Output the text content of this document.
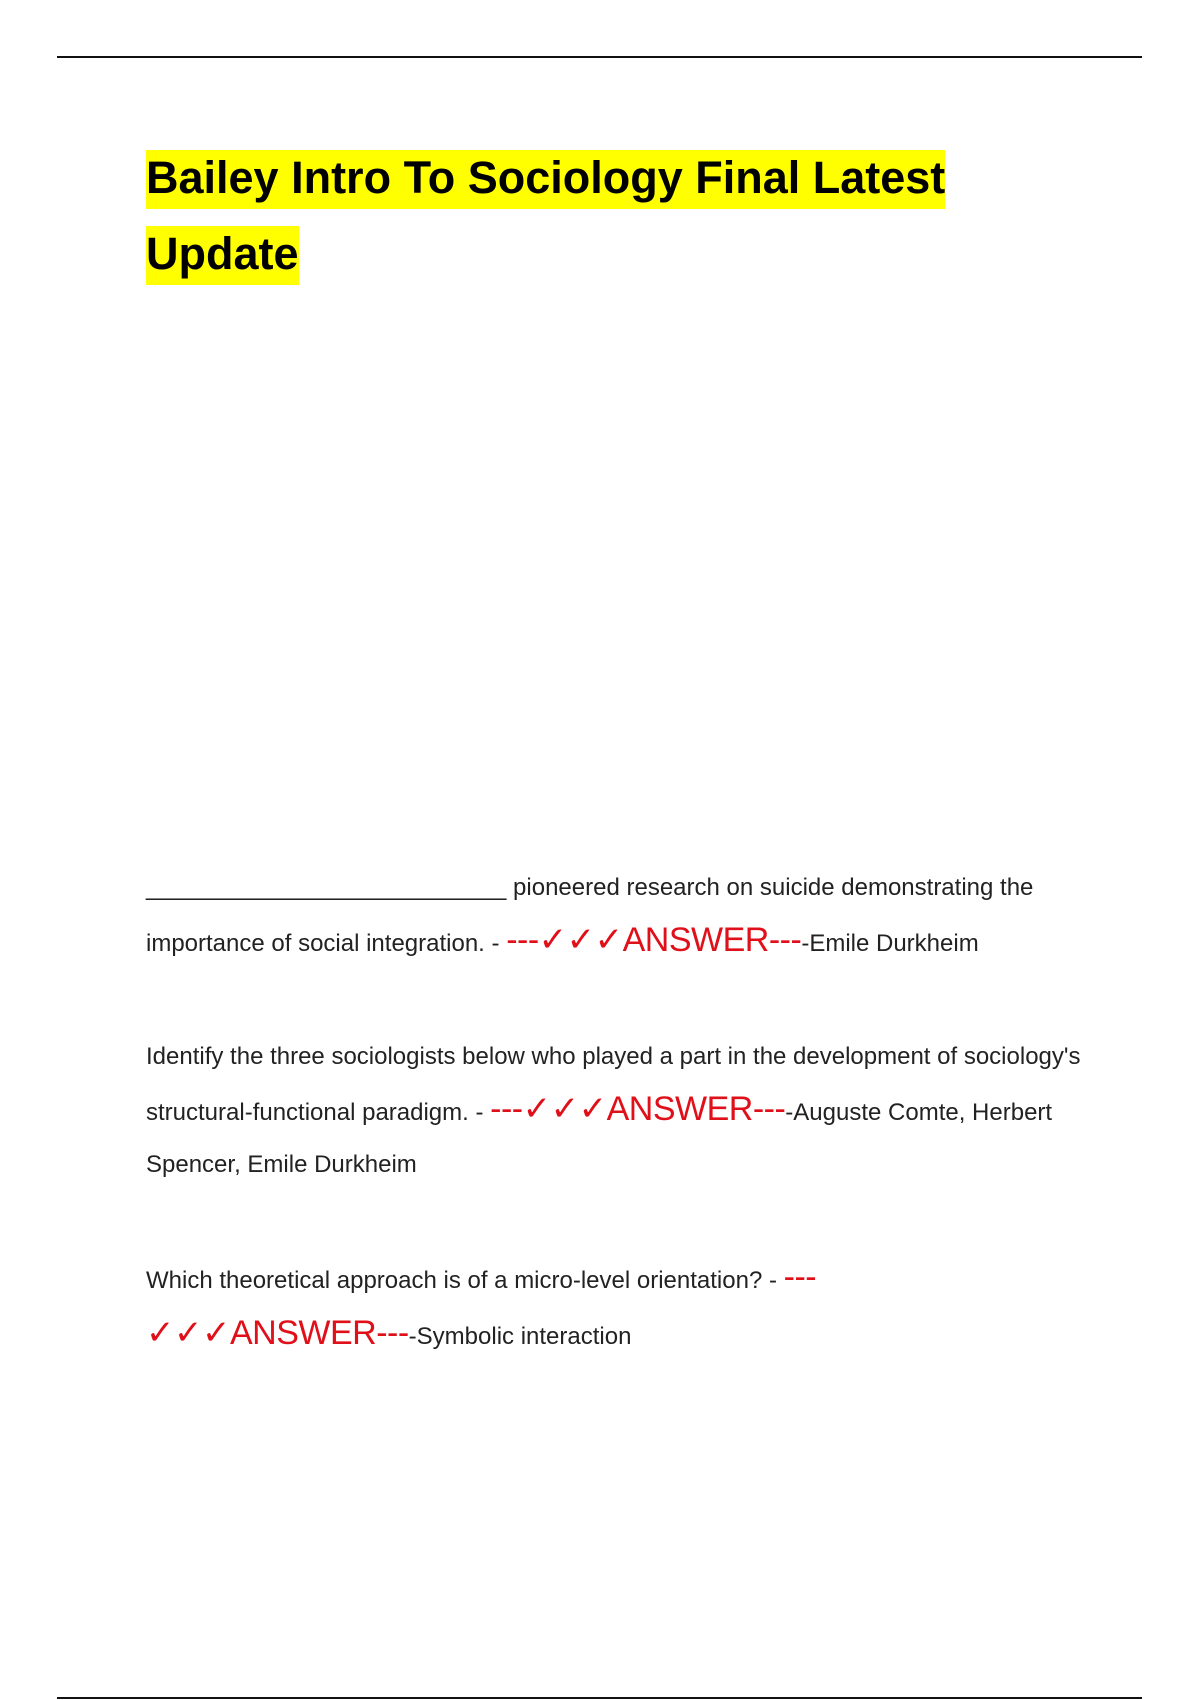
Bailey Intro To Sociology Final Latest
Update

___________________________ pioneered research on suicide demonstrating the importance of social integration. - ---✓✓✓ANSWER----Emile Durkheim

Identify the three sociologists below who played a part in the development of sociology's structural-functional paradigm. - ---✓✓✓ANSWER----Auguste Comte, Herbert Spencer, Emile Durkheim

Which theoretical approach is of a micro-level orientation? - ---
✓✓✓ANSWER----Symbolic interaction
